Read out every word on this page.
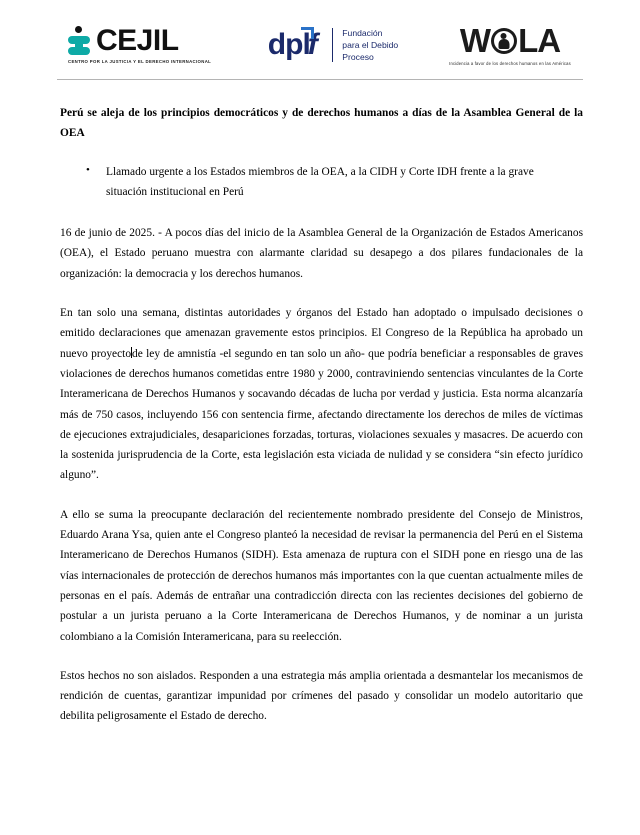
CEJIL
CENTRO POR LA JUSTICIA Y EL DERECHO INTERNACIONAL
dplf	Fundación
para el Debido
Proceso	W LA
Incidencia a favor de los derechos humanos en las Américas

Perú se aleja de los principios democráticos y de derechos humanos a días de la Asamblea General de la OEA

• Llamado urgente a los Estados miembros de la OEA, a la CIDH y Corte IDH frente a la grave situación institucional en Perú

16 de junio de 2025. - A pocos días del inicio de la Asamblea General de la Organización de Estados Americanos (OEA), el Estado peruano muestra con alarmante claridad su desapego a dos pilares fundacionales de la organización: la democracia y los derechos humanos.

En tan solo una semana, distintas autoridades y órganos del Estado han adoptado o impulsado decisiones o emitido declaraciones que amenazan gravemente estos principios. El Congreso de la República ha aprobado un nuevo proyectode ley de amnistía -el segundo en tan solo un año- que podría beneficiar a responsables de graves violaciones de derechos humanos cometidas entre 1980 y 2000, contraviniendo sentencias vinculantes de la Corte Interamericana de Derechos Humanos y socavando décadas de lucha por verdad y justicia. Esta norma alcanzaría más de 750 casos, incluyendo 156 con sentencia firme, afectando directamente los derechos de miles de víctimas de ejecuciones extrajudiciales, desapariciones forzadas, torturas, violaciones sexuales y masacres. De acuerdo con la sostenida jurisprudencia de la Corte, esta legislación esta viciada de nulidad y se considera “sin efecto jurídico alguno”.

A ello se suma la preocupante declaración del recientemente nombrado presidente del Consejo de Ministros, Eduardo Arana Ysa, quien ante el Congreso planteó la necesidad de revisar la permanencia del Perú en el Sistema Interamericano de Derechos Humanos (SIDH). Esta amenaza de ruptura con el SIDH pone en riesgo una de las vías internacionales de protección de derechos humanos más importantes con la que cuentan actualmente miles de personas en el país. Además de entrañar una contradicción directa con las recientes decisiones del gobierno de postular a un jurista peruano a la Corte Interamericana de Derechos Humanos, y de nominar a un jurista colombiano a la Comisión Interamericana, para su reelección.

Estos hechos no son aislados. Responden a una estrategia más amplia orientada a desmantelar los mecanismos de rendición de cuentas, garantizar impunidad por crímenes del pasado y consolidar un modelo autoritario que debilita peligrosamente el Estado de derecho.
